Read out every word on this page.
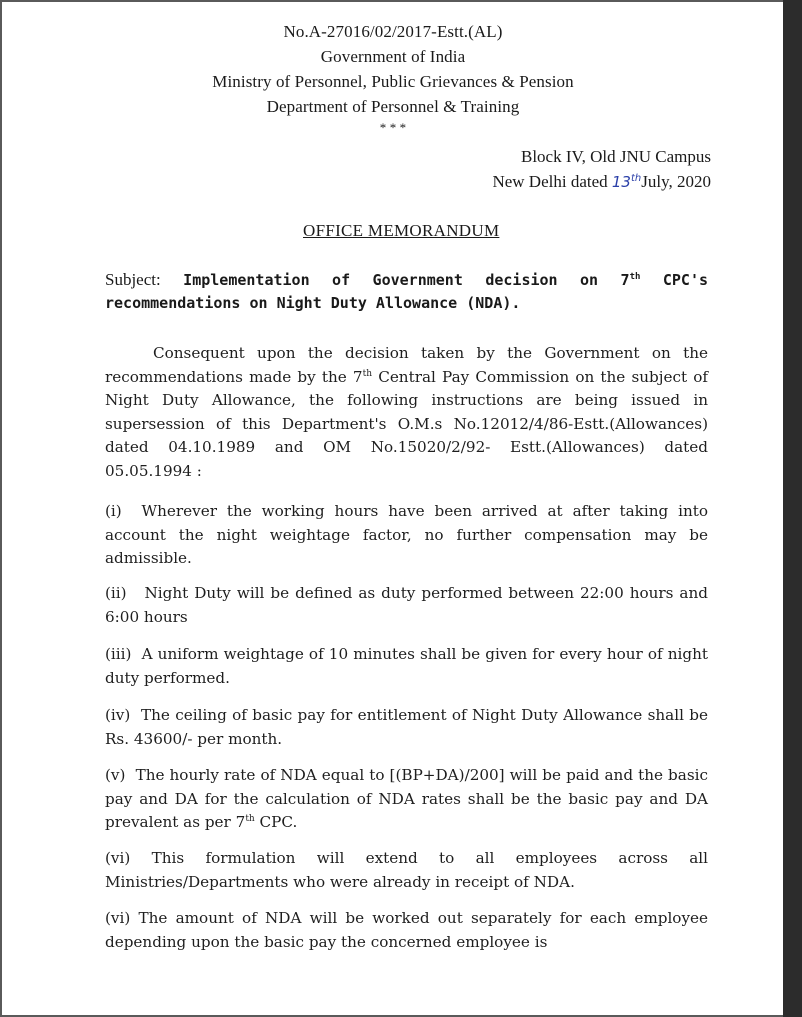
No.A-27016/02/2017-Estt.(AL)
Government of India
Ministry of Personnel, Public Grievances & Pension
Department of Personnel & Training
* * *
Block IV, Old JNU Campus
New Delhi dated 13thJuly, 2020
OFFICE MEMORANDUM
Subject: Implementation of Government decision on 7th CPC's recommendations on Night Duty Allowance (NDA).
Consequent upon the decision taken by the Government on the recommendations made by the 7th Central Pay Commission on the subject of Night Duty Allowance, the following instructions are being issued in supersession of this Department's O.M.s No.12012/4/86-Estt.(Allowances) dated 04.10.1989 and OM No.15020/2/92- Estt.(Allowances) dated 05.05.1994 :
(i) Wherever the working hours have been arrived at after taking into account the night weightage factor, no further compensation may be admissible.
(ii) Night Duty will be defined as duty performed between 22:00 hours and 6:00 hours
(iii) A uniform weightage of 10 minutes shall be given for every hour of night duty performed.
(iv) The ceiling of basic pay for entitlement of Night Duty Allowance shall be Rs. 43600/- per month.
(v) The hourly rate of NDA equal to [(BP+DA)/200] will be paid and the basic pay and DA for the calculation of NDA rates shall be the basic pay and DA prevalent as per 7th CPC.
(vi) This formulation will extend to all employees across all Ministries/Departments who were already in receipt of NDA.
(vi) The amount of NDA will be worked out separately for each employee depending upon the basic pay the concerned employee is
